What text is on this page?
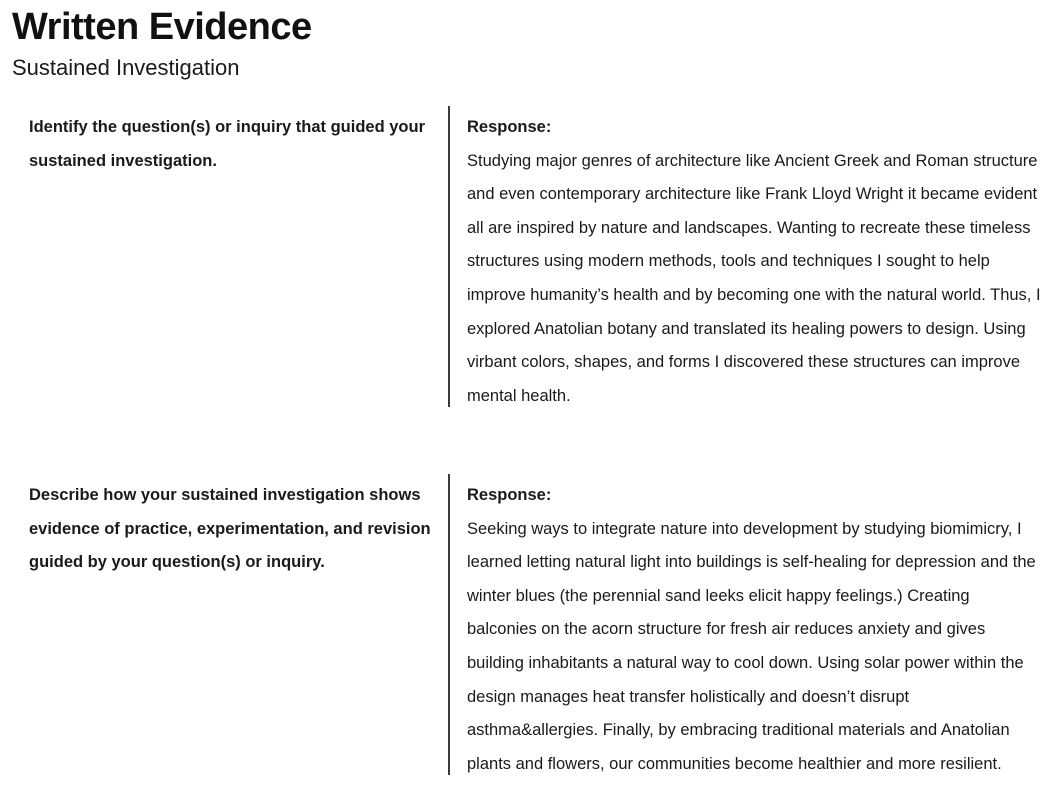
Written Evidence
Sustained Investigation
Identify the question(s) or inquiry that guided your sustained investigation.
Response:
Studying major genres of architecture like Ancient Greek and Roman structure and even contemporary architecture like Frank Lloyd Wright it became evident all are inspired by nature and landscapes. Wanting to recreate these timeless structures using modern methods, tools and techniques I sought to help improve humanity’s health and by becoming one with the natural world. Thus, I explored Anatolian botany and translated its healing powers to design. Using virbant colors, shapes, and forms I discovered these structures can improve mental health.
Describe how your sustained investigation shows evidence of practice, experimentation, and revision guided by your question(s) or inquiry.
Response:
Seeking ways to integrate nature into development by studying biomimicry, I learned letting natural light into buildings is self-healing for depression and the winter blues (the perennial sand leeks elicit happy feelings.) Creating balconies on the acorn structure for fresh air reduces anxiety and gives building inhabitants a natural way to cool down. Using solar power within the design manages heat transfer holistically and doesn’t disrupt asthma&allergies. Finally, by embracing traditional materials and Anatolian plants and flowers, our communities become healthier and more resilient.
